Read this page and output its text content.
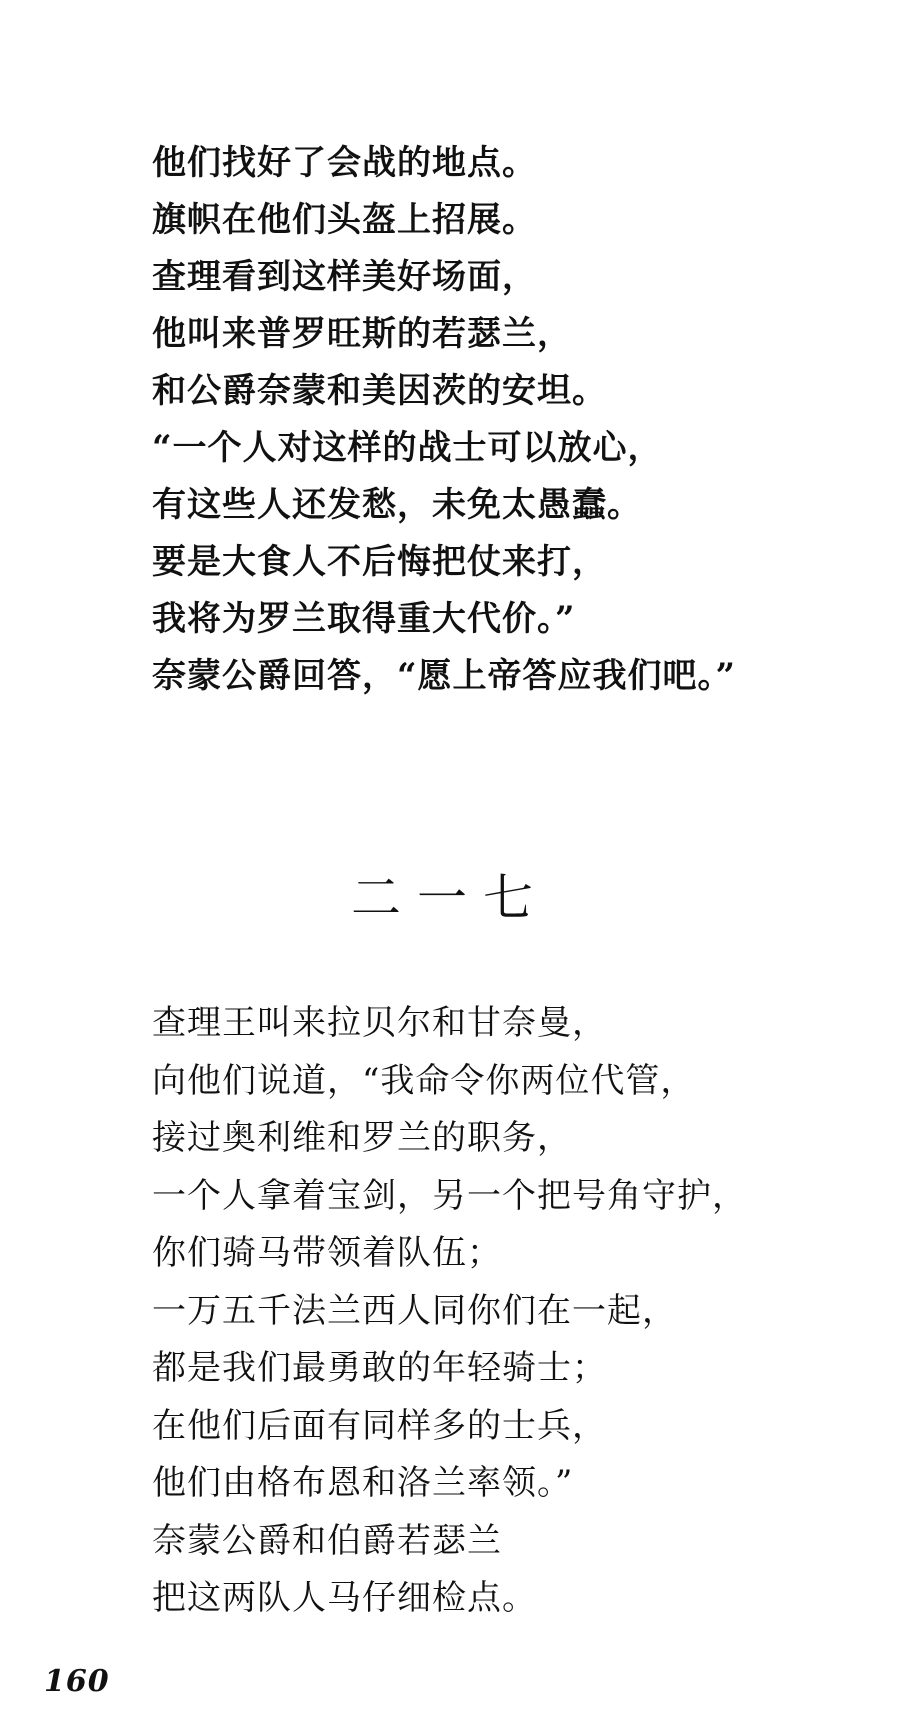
他们找好了会战的地点。
旗帜在他们头盔上招展。
查理看到这样美好场面，
他叫来普罗旺斯的若瑟兰，
和公爵奈蒙和美因茨的安坦。
“一个人对这样的战士可以放心，
有这些人还发愁，未免太愚蠢。
要是大食人不后悔把仗来打，
我将为罗兰取得重大代价。”
奈蒙公爵回答，“愿上帝答应我们吧。”
二一七
查理王叫来拉贝尔和甘奈曼，
向他们说道，“我命令你两位代管，
接过奥利维和罗兰的职务，
一个人拿着宝剑，另一个把号角守护，
你们骑马带领着队伍；
一万五千法兰西人同你们在一起，
都是我们最勇敢的年轻骑士；
在他们后面有同样多的士兵，
他们由格布恩和洛兰率领。”
奈蒙公爵和伯爵若瑟兰
把这两队人马仔细检点。
160
